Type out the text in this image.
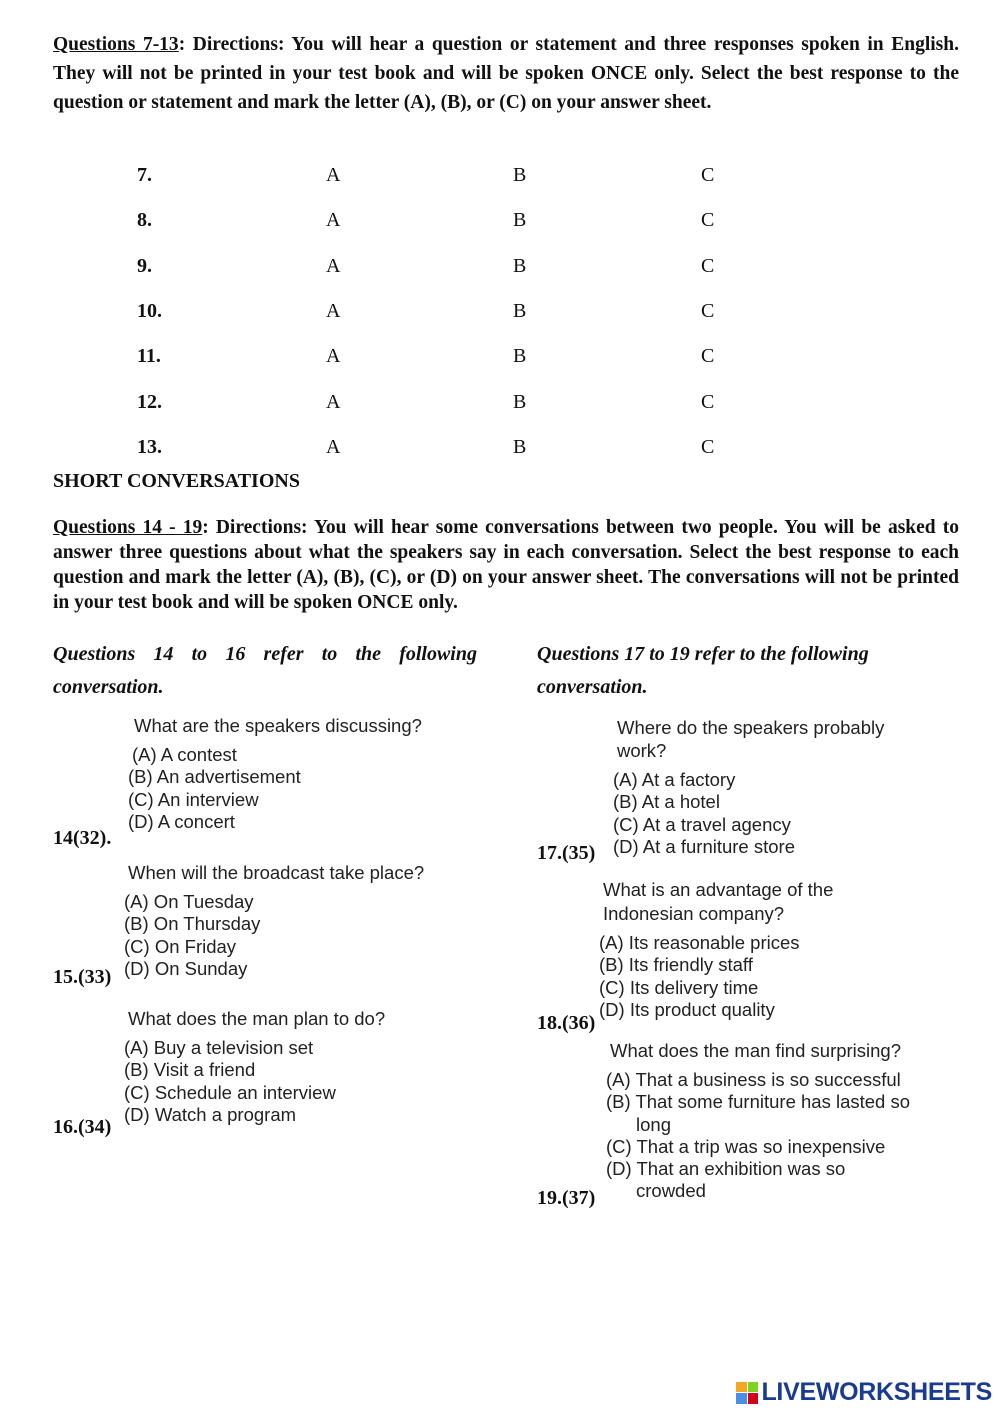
Questions 7-13: Directions: You will hear a question or statement and three responses spoken in English. They will not be printed in your test book and will be spoken ONCE only. Select the best response to the question or statement and mark the letter (A), (B), or (C) on your answer sheet.
7.	A	B	C
8.	A	B	C
9.	A	B	C
10.	A	B	C
11.	A	B	C
12.	A	B	C
13.	A	B	C
SHORT CONVERSATIONS
Questions 14 - 19: Directions: You will hear some conversations between two people. You will be asked to answer three questions about what the speakers say in each conversation. Select the best response to each question and mark the letter (A), (B), (C), or (D) on your answer sheet. The conversations will not be printed in your test book and will be spoken ONCE only.
Questions 14 to 16 refer to the following conversation.
What are the speakers discussing?
(A) A contest
(B) An advertisement
(C) An interview
(D) A concert
14(32).
When will the broadcast take place?
(A) On Tuesday
(B) On Thursday
(C) On Friday
(D) On Sunday
15.(33)
What does the man plan to do?
(A) Buy a television set
(B) Visit a friend
(C) Schedule an interview
(D) Watch a program
16.(34)
Questions 17 to 19 refer to the following conversation.
Where do the speakers probably
work?
(A) At a factory
(B) At a hotel
(C) At a travel agency
(D) At a furniture store
17.(35)
What is an advantage of the
Indonesian company?
(A) Its reasonable prices
(B) Its friendly staff
(C) Its delivery time
(D) Its product quality
18.(36)
What does the man find surprising?
(A) That a business is so successful
(B) That some furniture has lasted so
long
(C) That a trip was so inexpensive
(D) That an exhibition was so
crowded
19.(37)
LIVEWORKSHEETS
